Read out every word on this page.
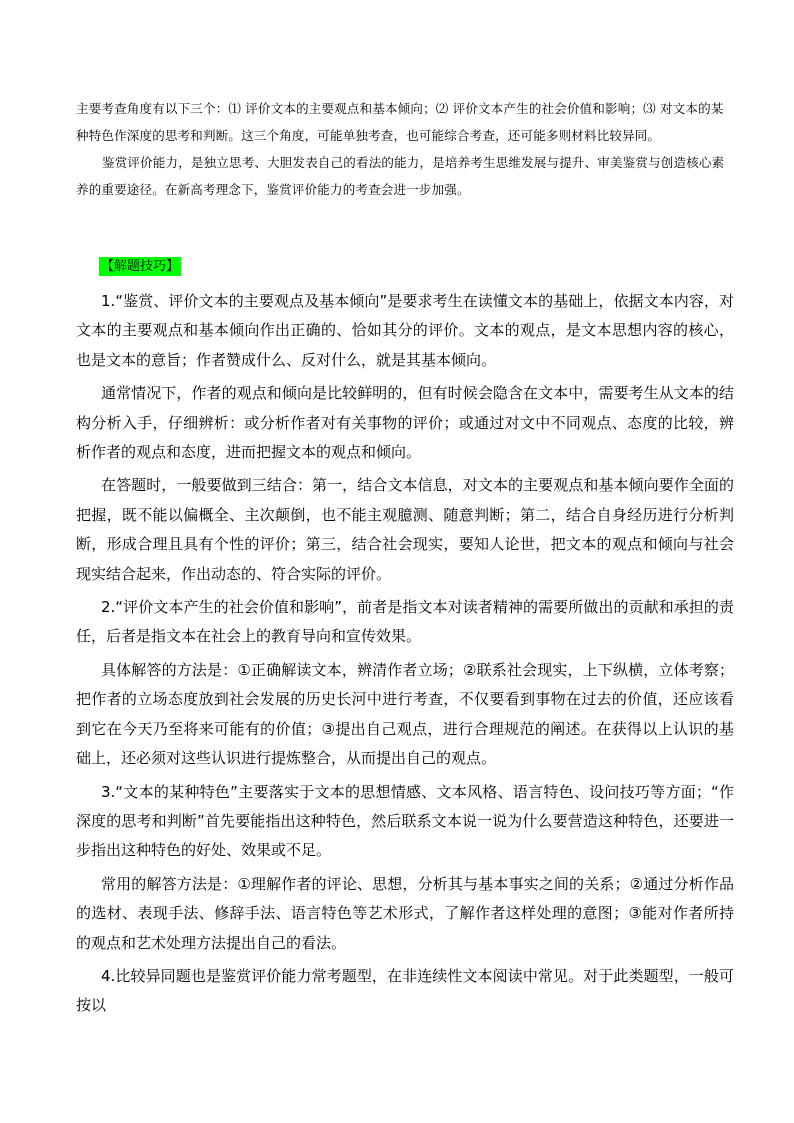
主要考查角度有以下三个：⑴ 评价文本的主要观点和基本倾向；⑵ 评价文本产生的社会价值和影响；⑶ 对文本的某种特色作深度的思考和判断。这三个角度，可能单独考查，也可能综合考查，还可能多则材料比较异同。

鉴赏评价能力，是独立思考、大胆发表自己的看法的能力，是培养考生思维发展与提升、审美鉴赏与创造核心素养的重要途径。在新高考理念下，鉴赏评价能力的考查会进一步加强。

【解题技巧】

1.“鉴赏、评价文本的主要观点及基本倾向”是要求考生在读懂文本的基础上，依据文本内容，对文本的主要观点和基本倾向作出正确的、恰如其分的评价。文本的观点，是文本思想内容的核心，也是文本的意旨；作者赞成什么、反对什么，就是其基本倾向。

通常情况下，作者的观点和倾向是比较鲜明的，但有时候会隐含在文本中，需要考生从文本的结构分析入手，仔细辨析：或分析作者对有关事物的评价；或通过对文中不同观点、态度的比较，辨析作者的观点和态度，进而把握文本的观点和倾向。

在答题时，一般要做到三结合：第一，结合文本信息，对文本的主要观点和基本倾向要作全面的把握，既不能以偏概全、主次颠倒，也不能主观臆测、随意判断；第二，结合自身经历进行分析判断，形成合理且具有个性的评价；第三，结合社会现实，要知人论世，把文本的观点和倾向与社会现实结合起来，作出动态的、符合实际的评价。

2.“评价文本产生的社会价值和影响”，前者是指文本对读者精神的需要所做出的贡献和承担的责任，后者是指文本在社会上的教育导向和宣传效果。

具体解答的方法是：①正确解读文本，辨清作者立场；②联系社会现实，上下纵横，立体考察；把作者的立场态度放到社会发展的历史长河中进行考查，不仅要看到事物在过去的价值，还应该看到它在今天乃至将来可能有的价值；③提出自己观点，进行合理规范的阐述。在获得以上认识的基础上，还必须对这些认识进行提炼整合，从而提出自己的观点。

3.“文本的某种特色”主要落实于文本的思想情感、文本风格、语言特色、设问技巧等方面；“作深度的思考和判断”首先要能指出这种特色，然后联系文本说一说为什么要营造这种特色，还要进一步指出这种特色的好处、效果或不足。

常用的解答方法是：①理解作者的评论、思想，分析其与基本事实之间的关系；②通过分析作品的选材、表现手法、修辞手法、语言特色等艺术形式，了解作者这样处理的意图；③能对作者所持的观点和艺术处理方法提出自己的看法。

4.比较异同题也是鉴赏评价能力常考题型，在非连续性文本阅读中常见。对于此类题型，一般可按以
